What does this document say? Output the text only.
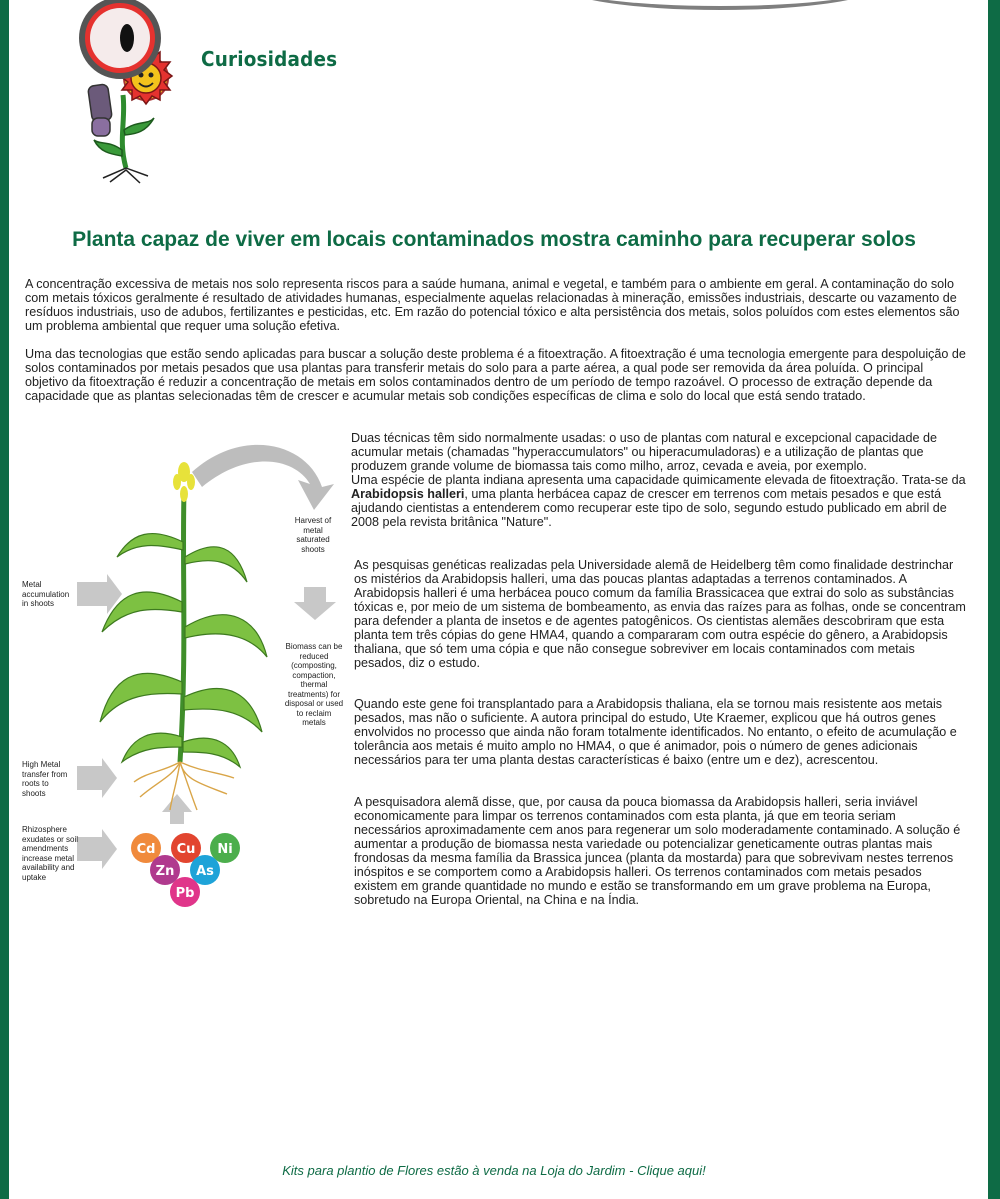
Curiosidades
Planta capaz de viver em locais contaminados mostra caminho para recuperar solos

A concentração excessiva de metais nos solo representa riscos para a saúde humana, animal e vegetal, e também para o ambiente em geral. A contaminação do solo com metais tóxicos geralmente é resultado de atividades humanas, especialmente aquelas relacionadas à mineração, emissões industriais, descarte ou vazamento de resíduos industriais, uso de adubos, fertilizantes e pesticidas, etc. Em razão do potencial tóxico e alta persistência dos metais, solos poluídos com estes elementos são um problema ambiental que requer uma solução efetiva.

Uma das tecnologias que estão sendo aplicadas para buscar a solução deste problema é a fitoextração. A fitoextração é uma tecnologia emergente para despoluição de solos contaminados por metais pesados que usa plantas para transferir metais do solo para a parte aérea, a qual pode ser removida da área poluída. O principal objetivo da fitoextração é reduzir a concentração de metais em solos contaminados dentro de um período de tempo razoável. O processo de extração depende da capacidade que as plantas selecionadas têm de crescer e acumular metais sob condições específicas de clima e solo do local que está sendo tratado.

Harvest of metal saturated shoots

Biomass can be reduced (composting, compaction, thermal treatments) for disposal or used to reclaim metals

Metal accumulation in shoots

High Metal transfer from roots to shoots

Rhizosphere exudates or soil amendments increase metal availability and uptake

Cd Cu Ni
Zn As
Pb

Duas técnicas têm sido normalmente usadas: o uso de plantas com natural e excepcional capacidade de acumular metais (chamadas "hyperaccumulators" ou hiperacumuladoras) e a utilização de plantas que produzem grande volume de biomassa tais como milho, arroz, cevada e aveia, por exemplo.
Uma espécie de planta indiana apresenta uma capacidade quimicamente elevada de fitoextração. Trata-se da Arabidopsis halleri, uma planta herbácea capaz de crescer em terrenos com metais pesados e que está ajudando cientistas a entenderem como recuperar este tipo de solo, segundo estudo publicado em abril de 2008 pela revista britânica "Nature".

As pesquisas genéticas realizadas pela Universidade alemã de Heidelberg têm como finalidade destrinchar os mistérios da Arabidopsis halleri, uma das poucas plantas adaptadas a terrenos contaminados. A Arabidopsis halleri é uma herbácea pouco comum da família Brassicacea que extrai do solo as substâncias tóxicas e, por meio de um sistema de bombeamento, as envia das raízes para as folhas, onde se concentram para defender a planta de insetos e de agentes patogênicos. Os cientistas alemães descobriram que esta planta tem três cópias do gene HMA4, quando a compararam com outra espécie do gênero, a Arabidopsis thaliana, que só tem uma cópia e que não consegue sobreviver em locais contaminados com metais pesados, diz o estudo.

Quando este gene foi transplantado para a Arabidopsis thaliana, ela se tornou mais resistente aos metais pesados, mas não o suficiente. A autora principal do estudo, Ute Kraemer, explicou que há outros genes envolvidos no processo que ainda não foram totalmente identificados. No entanto, o efeito de acumulação e tolerância aos metais é muito amplo no HMA4, o que é animador, pois o número de genes adicionais necessários para ter uma planta destas características é baixo (entre um e dez), acrescentou.

A pesquisadora alemã disse, que, por causa da pouca biomassa da Arabidopsis halleri, seria inviável economicamente para limpar os terrenos contaminados com esta planta, já que em teoria seriam necessários aproximadamente cem anos para regenerar um solo moderadamente contaminado. A solução é aumentar a produção de biomassa nesta variedade ou potencializar geneticamente outras plantas mais frondosas da mesma família da Brassica juncea (planta da mostarda) para que sobrevivam nestes terrenos inóspitos e se comportem como a Arabidopsis halleri. Os terrenos contaminados com metais pesados existem em grande quantidade no mundo e estão se transformando em um grave problema na Europa, sobretudo na Europa Oriental, na China e na Índia.

Kits para plantio de Flores estão à venda na Loja do Jardim - Clique aqui!
